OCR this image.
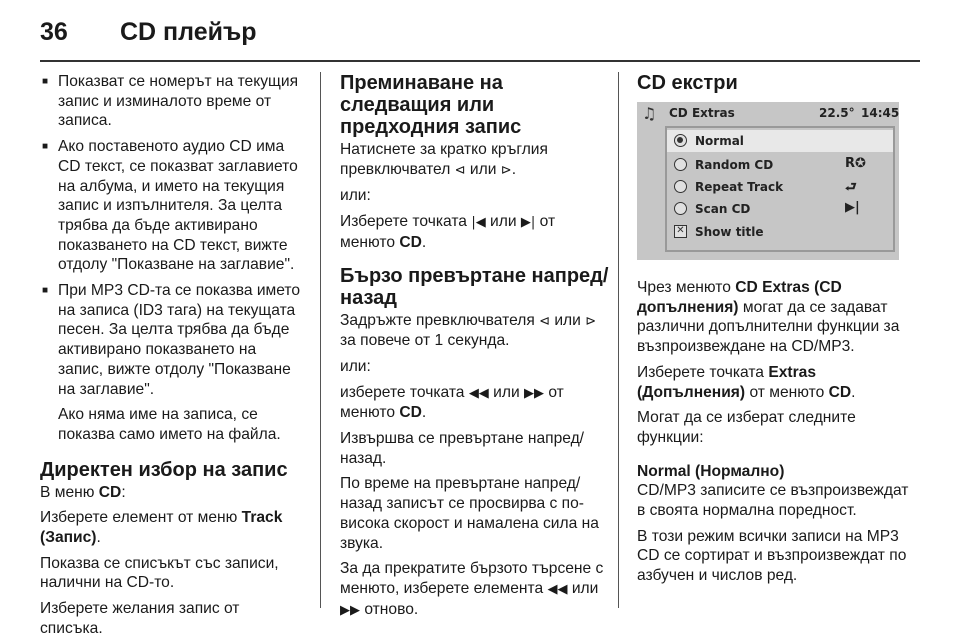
36 CD плейър
■ Показват се номерът на текущия запис и изминалото време от записа.
■ Ако поставеното аудио CD има CD текст, се показват заглавието на албума, и името на текущия запис и изпълнителя. За целта трябва да бъде активирано показването на CD текст, вижте отдолу "Показване на заглавие".
■ При MP3 CD-та се показва името на записа (ID3 тага) на текущата песен. За целта трябва да бъде активирано показването на запис, вижте отдолу "Показване на заглавие".
Ако няма име на записа, се показва само името на файла.
Директен избор на запис
В меню CD:
Изберете елемент от меню Track (Запис).
Показва се списъкът със записи, налични на CD-то.
Изберете желания запис от списъка.
Преминаване на следващия или предходния запис
Натиснете за кратко кръглия превключвател ⊲ или ⊳.
или:
Изберете точката |◀ или ▶| от менюто CD.
Бързо превъртане напред/назад
Задръжте превключвателя ⊲ или ⊳ за повече от 1 секунда.
или:
изберете точката ◀◀ или ▶▶ от менюто CD.
Извършва се превъртане напред/назад.
По време на превъртане напред/назад записът се просвирва с по-висока скорост и намалена сила на звука.
За да прекратите бързото търсене с менюто, изберете елемента ◀◀ или ▶▶ отново.
CD екстри
♫ CD Extras	22.5° 14:45
Normal
Random CD	R✪
Repeat Track	⮐
Scan CD	▶|
✕ Show title
Чрез менюто CD Extras (CD допълнения) могат да се задават различни допълнителни функции за възпроизвеждане на CD/MP3.
Изберете точката Extras (Допълнения) от менюто CD.
Могат да се изберат следните функции:
Normal (Нормално)
CD/MP3 записите се възпроизвеждат в своята нормална поредност.
В този режим всички записи на MP3 CD се сортират и възпроизвеждат по азбучен и числов ред.
